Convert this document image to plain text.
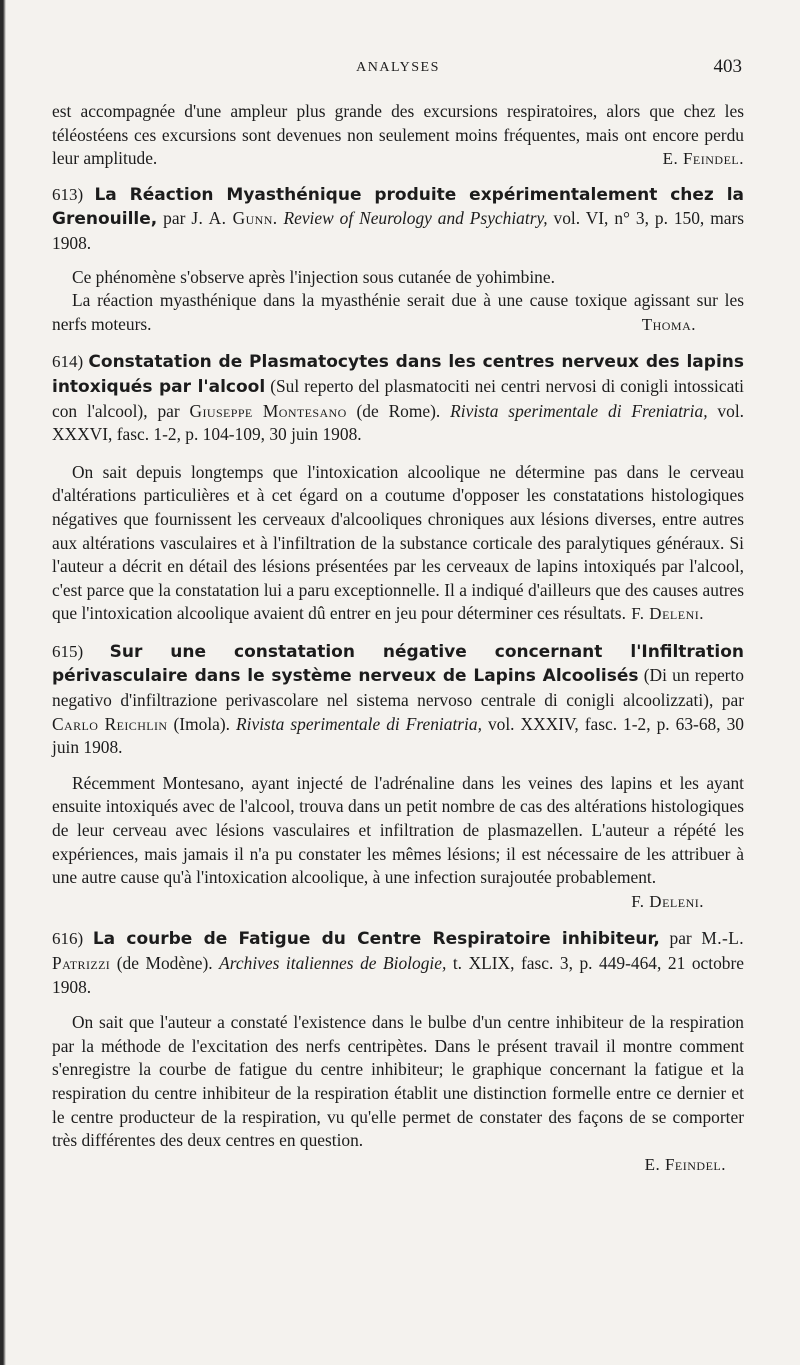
ANALYSES	403

est accompagnée d'une ampleur plus grande des excursions respiratoires, alors que chez les téléostéens ces excursions sont devenues non seulement moins fréquentes, mais ont encore perdu leur amplitude.	E. Feindel.

613) La Réaction Myasthénique produite expérimentalement chez la Grenouille, par J. A. Gunn. Review of Neurology and Psychiatry, vol. VI, n° 3, p. 150, mars 1908.

Ce phénomène s'observe après l'injection sous cutanée de yohimbine.

La réaction myasthénique dans la myasthénie serait due à une cause toxique agissant sur les nerfs moteurs.	Thoma.

614) Constatation de Plasmatocytes dans les centres nerveux des lapins intoxiqués par l'alcool (Sul reperto del plasmatociti nei centri nervosi di conigli intossicati con l'alcool), par Giuseppe Montesano (de Rome). Rivista sperimentale di Freniatria, vol. XXXVI, fasc. 1-2, p. 104-109, 30 juin 1908.

On sait depuis longtemps que l'intoxication alcoolique ne détermine pas dans le cerveau d'altérations particulières et à cet égard on a coutume d'opposer les constatations histologiques négatives que fournissent les cerveaux d'alcooliques chroniques aux lésions diverses, entre autres aux altérations vasculaires et à l'infiltration de la substance corticale des paralytiques généraux. Si l'auteur a décrit en détail des lésions présentées par les cerveaux de lapins intoxiqués par l'alcool, c'est parce que la constatation lui a paru exceptionnelle. Il a indiqué d'ailleurs que des causes autres que l'intoxication alcoolique avaient dû entrer en jeu pour déterminer ces résultats. F. Deleni.

615) Sur une constatation négative concernant l'Infiltration périvasculaire dans le système nerveux de Lapins Alcoolisés (Di un reperto negativo d'infiltrazione perivascolare nel sistema nervoso centrale di conigli alcoolizzati), par Carlo Reichlin (Imola). Rivista sperimentale di Freniatria, vol. XXXIV, fasc. 1-2, p. 63-68, 30 juin 1908.

Récemment Montesano, ayant injecté de l'adrénaline dans les veines des lapins et les ayant ensuite intoxiqués avec de l'alcool, trouva dans un petit nombre de cas des altérations histologiques de leur cerveau avec lésions vasculaires et infiltration de plasmazellen. L'auteur a répété les expériences, mais jamais il n'a pu constater les mêmes lésions; il est nécessaire de les attribuer à une autre cause qu'à l'intoxication alcoolique, à une infection surajoutée probablement.

F. Deleni.

616) La courbe de Fatigue du Centre Respiratoire inhibiteur, par M.-L. Patrizzi (de Modène). Archives italiennes de Biologie, t. XLIX, fasc. 3, p. 449-464, 21 octobre 1908.

On sait que l'auteur a constaté l'existence dans le bulbe d'un centre inhibiteur de la respiration par la méthode de l'excitation des nerfs centripètes. Dans le présent travail il montre comment s'enregistre la courbe de fatigue du centre inhibiteur; le graphique concernant la fatigue et la respiration du centre inhibiteur de la respiration établit une distinction formelle entre ce dernier et le centre producteur de la respiration, vu qu'elle permet de constater des façons de se comporter très différentes des deux centres en question.

E. Feindel.
